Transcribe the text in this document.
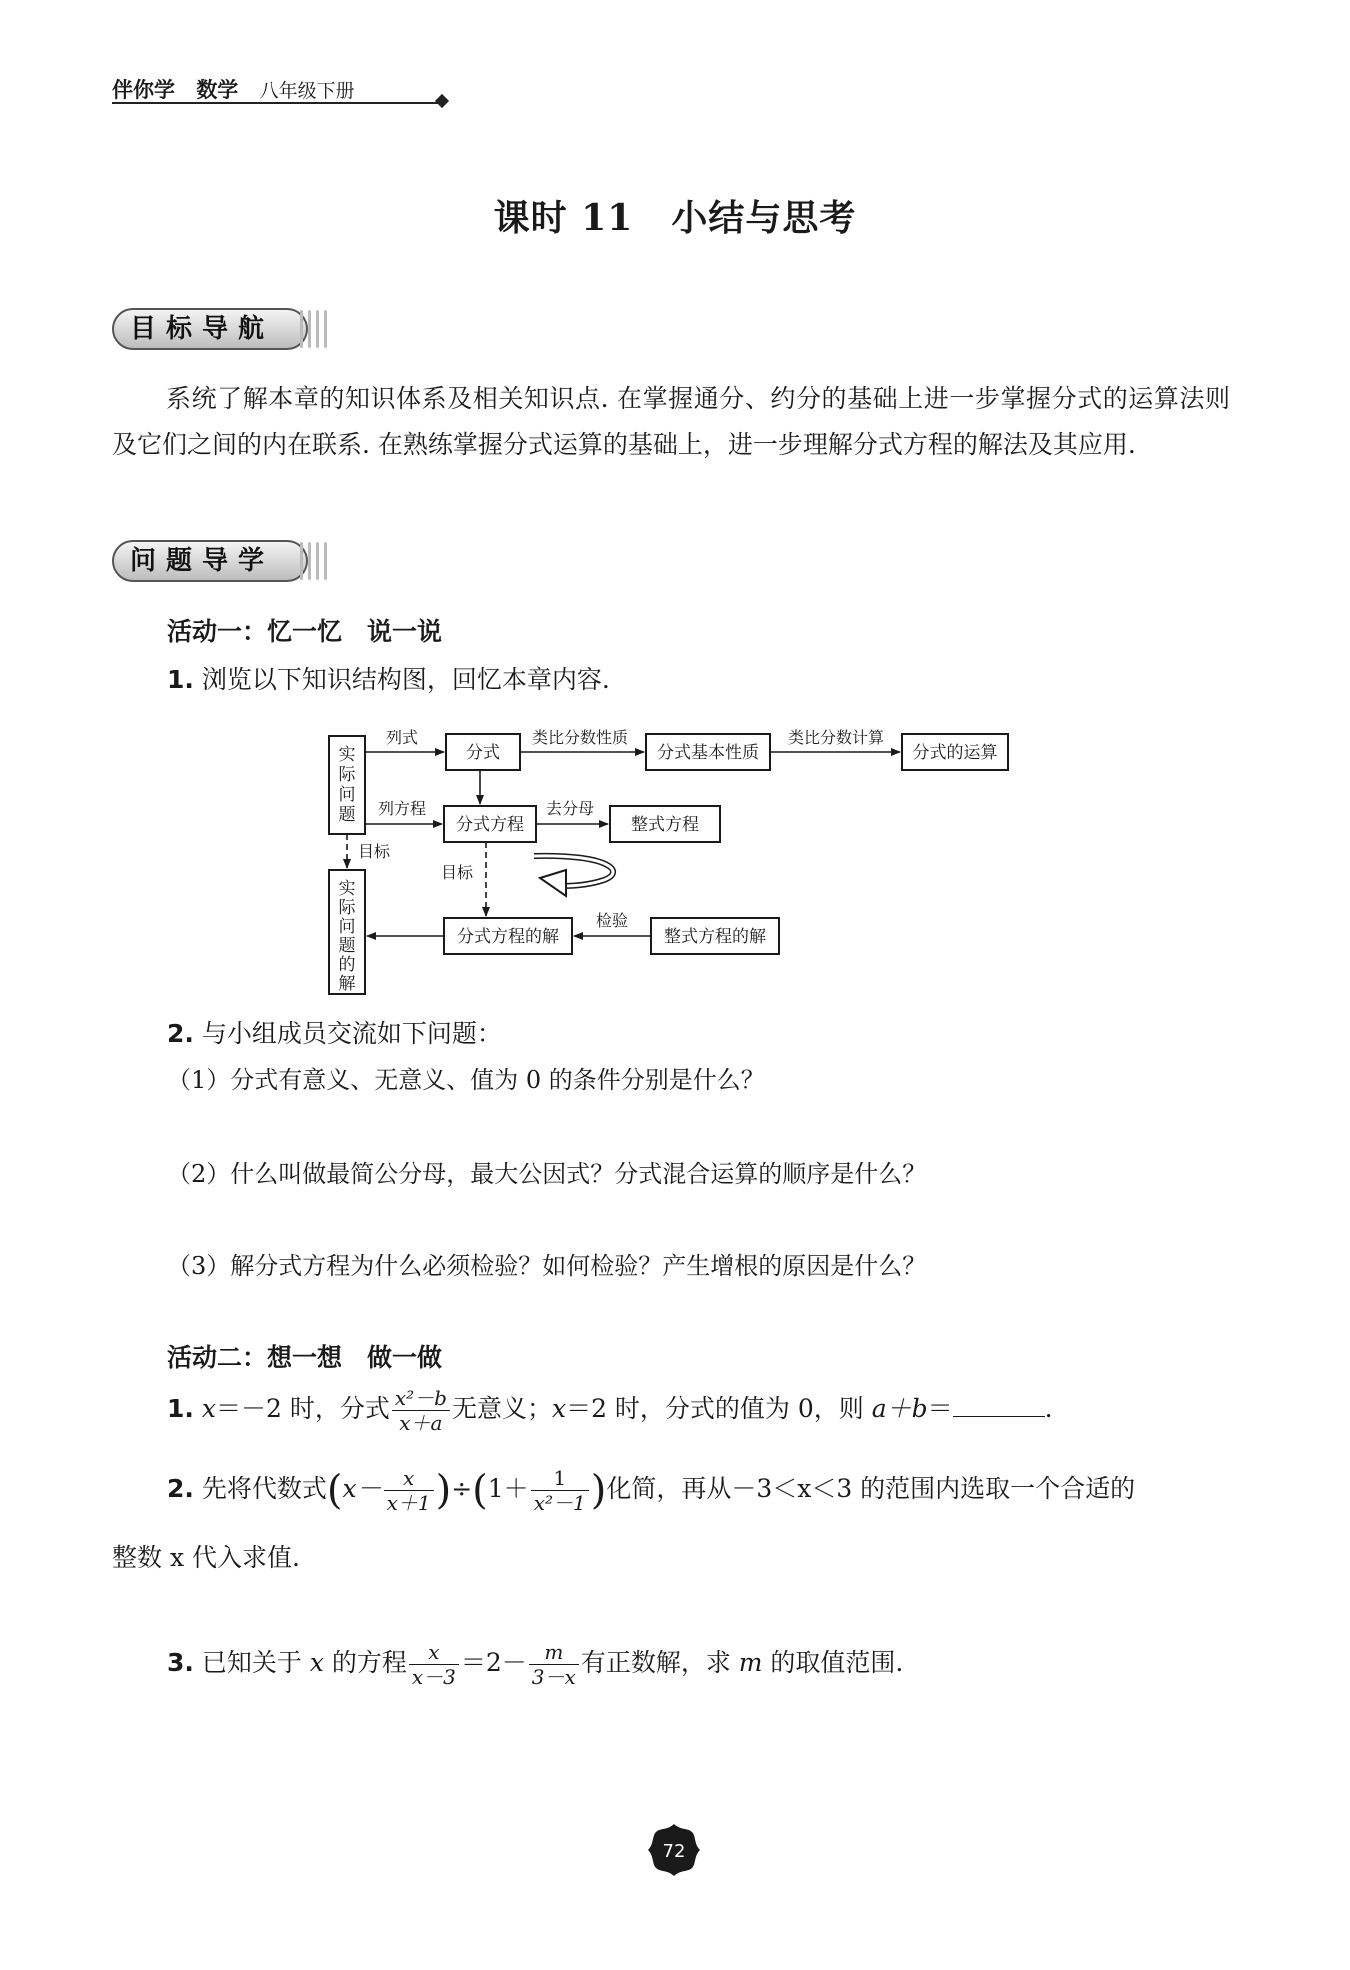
伴你学 数学 八年级下册
课时 11 小结与思考
目标导航
系统了解本章的知识体系及相关知识点. 在掌握通分、约分的基础上进一步掌握分式的运算法则及它们之间的内在联系. 在熟练掌握分式运算的基础上，进一步理解分式方程的解法及其应用.
问题导学
活动一：忆一忆　说一说
1. 浏览以下知识结构图，回忆本章内容.
实
际
问
题
实
际
问
题
的
解
分式	分式基本性质	分式的运算
分式方程	整式方程
分式方程的解	整式方程的解
列式	类比分数性质	类比分数计算
列方程	去分母
目标
目标
检验
2. 与小组成员交流如下问题：
（1）分式有意义、无意义、值为 0 的条件分别是什么？
（2）什么叫做最简公分母，最大公因式？分式混合运算的顺序是什么？
（3）解分式方程为什么必须检验？如何检验？产生增根的原因是什么？
活动二：想一想　做一做
1. x＝－2 时，分式 $\frac{\text{x²－b}}{x+a}$ 无意义；x＝2 时，分式的值为 0，则 a＋b＝	.
2. 先将代数式$(x- \frac{x}{x+1} )\div(1+ \frac{1}{\text{x²－1}}$ )化简，再从－3＜x＜3 的范围内选取一个合适的
整数 x 代入求值.
3. 已知关于 x 的方程 $\frac{x}{x-3} =2- \frac{m}{3-x}$ 有正数解，求 m 的取值范围.
72
